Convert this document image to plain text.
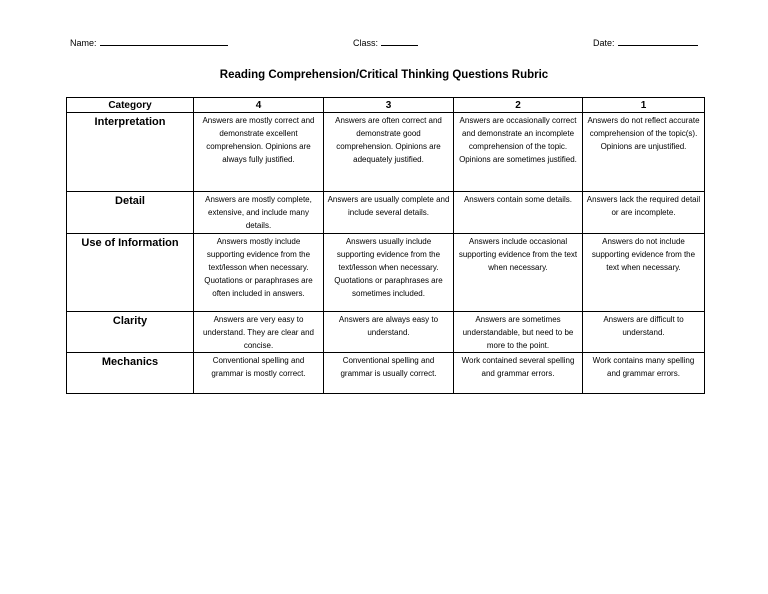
Name:	Class:	Date:
Reading Comprehension/Critical Thinking Questions Rubric
Category	4	3	2	1
Interpretation	Answers are mostly correct and demonstrate excellent comprehension. Opinions are always fully justified.	Answers are often correct and demonstrate good comprehension. Opinions are adequately justified.	Answers are occasionally correct and demonstrate an incomplete comprehension of the topic. Opinions are sometimes justified.	Answers do not reflect accurate comprehension of the topic(s). Opinions are unjustified.
Detail	Answers are mostly complete, extensive, and include many details.	Answers are usually complete and include several details.	Answers contain some details.	Answers lack the required detail or are incomplete.
Use of Information	Answers mostly include supporting evidence from the text/lesson when necessary. Quotations or paraphrases are often included in answers.	Answers usually include supporting evidence from the text/lesson when necessary. Quotations or paraphrases are sometimes included.	Answers include occasional supporting evidence from the text when necessary.	Answers do not include supporting evidence from the text when necessary.
Clarity	Answers are very easy to understand. They are clear and concise.	Answers are always easy to understand.	Answers are sometimes understandable, but need to be more to the point.	Answers are difficult to understand.
Mechanics	Conventional spelling and grammar is mostly correct.	Conventional spelling and grammar is usually correct.	Work contained several spelling and grammar errors.	Work contains many spelling and grammar errors.
